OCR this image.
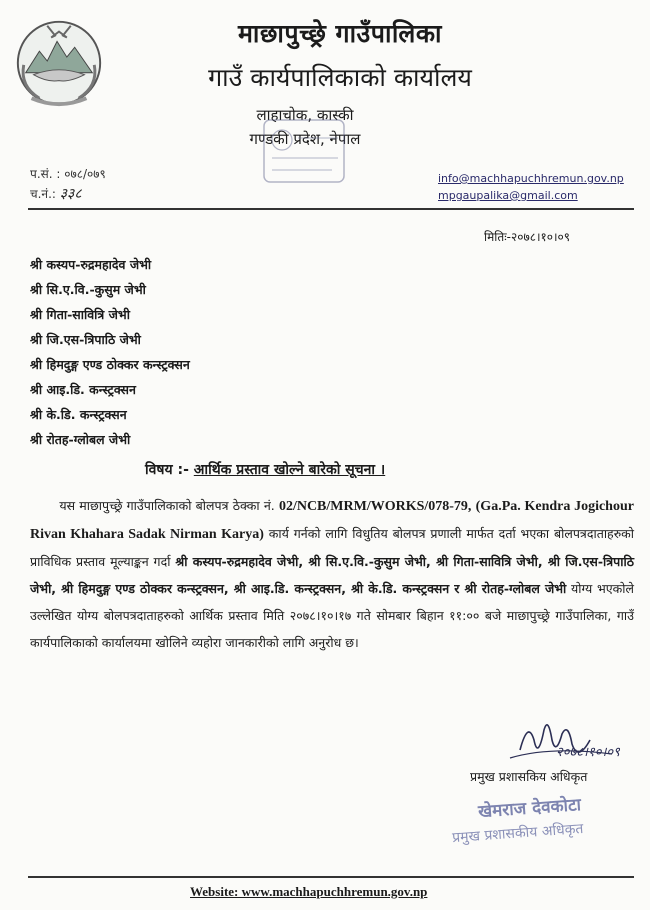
माछापुच्छ्रे गाउँपालिका
गाउँ कार्यपालिकाको कार्यालय
लाहाचोक, कास्की
गण्डकी प्रदेश, नेपाल
प.सं. : ०७८/०७९
च.नं.: ३३८
info@machhapuchhremun.gov.np
mpgaupalika@gmail.com
मितिः-२०७८।१०।०९
श्री कस्यप-रुद्रमहादेव जेभी
श्री सि.ए.वि.-कुसुम जेभी
श्री गिता-सावित्रि जेभी
श्री जि.एस-त्रिपाठि जेभी
श्री हिमदुङ्ग एण्ड ठोक्कर कन्स्ट्रक्सन
श्री आइ.डि. कन्स्ट्रक्सन
श्री के.डि. कन्स्ट्रक्सन
श्री रोतह-ग्लोबल जेभी
विषय :- आर्थिक प्रस्ताव खोल्ने बारेको सूचना ।
यस माछापुच्छ्रे गाउँपालिकाको बोलपत्र ठेक्का नं. 02/NCB/MRM/WORKS/078-79, (Ga.Pa. Kendra Jogichour Rivan Khahara Sadak Nirman Karya) कार्य गर्नको लागि विधुतिय बोलपत्र प्रणाली मार्फत दर्ता भएका बोलपत्रदाताहरुको प्राविधिक प्रस्ताव मूल्याङ्कन गर्दा श्री कस्यप-रुद्रमहादेव जेभी, श्री सि.ए.वि.-कुसुम जेभी, श्री गिता-सावित्रि जेभी, श्री जि.एस-त्रिपाठि जेभी, श्री हिमदुङ्ग एण्ड ठोक्कर कन्स्ट्रक्सन, श्री आइ.डि. कन्स्ट्रक्सन, श्री के.डि. कन्स्ट्रक्सन र श्री रोतह-ग्लोबल जेभी योग्य भएकोले उल्लेखित योग्य बोलपत्रदाताहरुको आर्थिक प्रस्ताव मिति २०७८।१०।१७ गते सोमबार बिहान ११:०० बजे माछापुच्छ्रे गाउँपालिका, गाउँ कार्यपालिकाको कार्यालयमा खोलिने व्यहोरा जानकारीको लागि अनुरोध छ।
२०७८।१०।०९
प्रमुख प्रशासकिय अधिकृत
खेमराज देवकोटा
प्रमुख प्रशासकीय अधिकृत
Website: www.machhapuchhremun.gov.np
